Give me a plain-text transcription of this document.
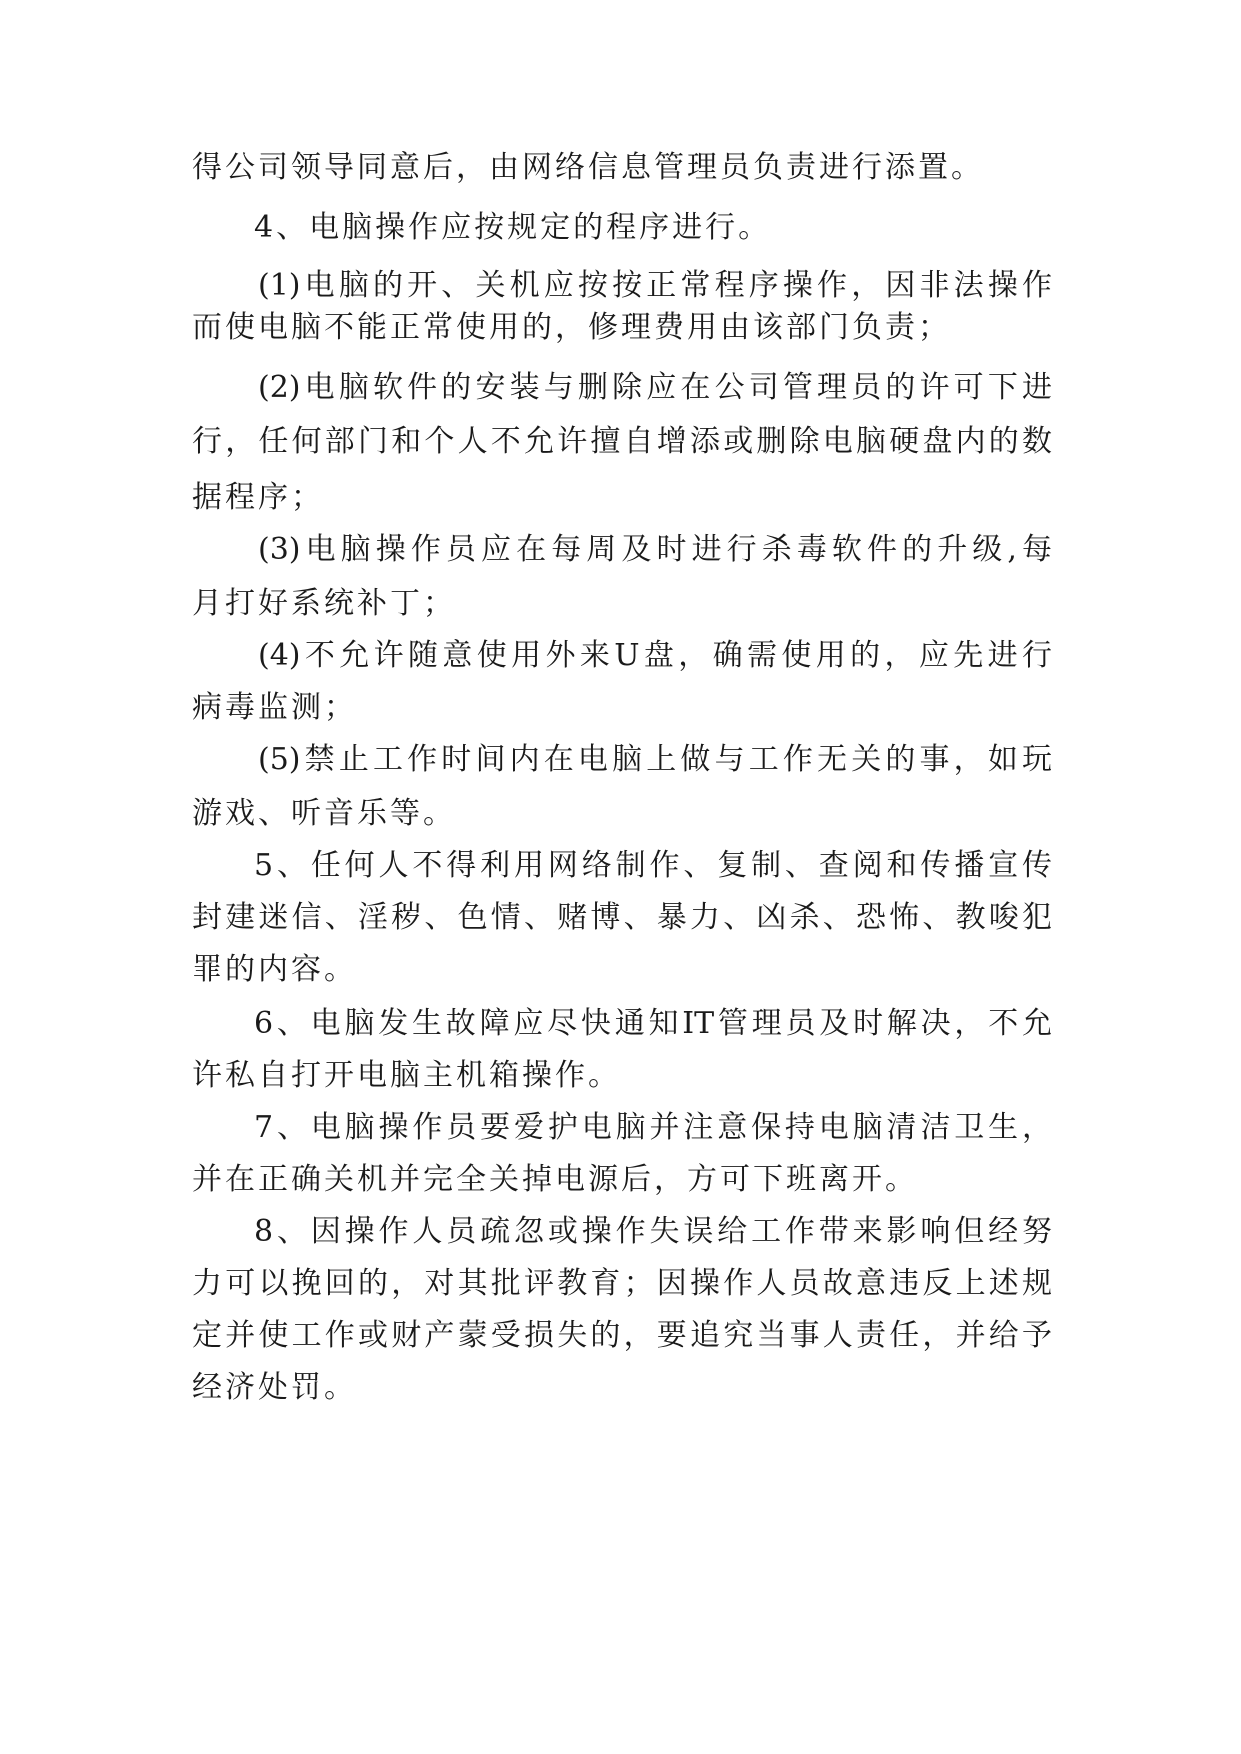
得公司领导同意后，由网络信息管理员负责进行添置。

4、电脑操作应按规定的程序进行。

(1)电脑的开、关机应按按正常程序操作，因非法操作

而使电脑不能正常使用的，修理费用由该部门负责；

(2)电脑软件的安装与删除应在公司管理员的许可下进

行，任何部门和个人不允许擅自增添或删除电脑硬盘内的数

据程序；

(3)电脑操作员应在每周及时进行杀毒软件的升级,每

月打好系统补丁；

(4)不允许随意使用外来U盘，确需使用的，应先进行

病毒监测；

(5)禁止工作时间内在电脑上做与工作无关的事，如玩

游戏、听音乐等。

5、任何人不得利用网络制作、复制、查阅和传播宣传

封建迷信、淫秽、色情、赌博、暴力、凶杀、恐怖、教唆犯

罪的内容。

6、电脑发生故障应尽快通知IT管理员及时解决，不允

许私自打开电脑主机箱操作。

7、电脑操作员要爱护电脑并注意保持电脑清洁卫生，

并在正确关机并完全关掉电源后，方可下班离开。

8、因操作人员疏忽或操作失误给工作带来影响但经努

力可以挽回的，对其批评教育；因操作人员故意违反上述规

定并使工作或财产蒙受损失的，要追究当事人责任，并给予

经济处罚。
